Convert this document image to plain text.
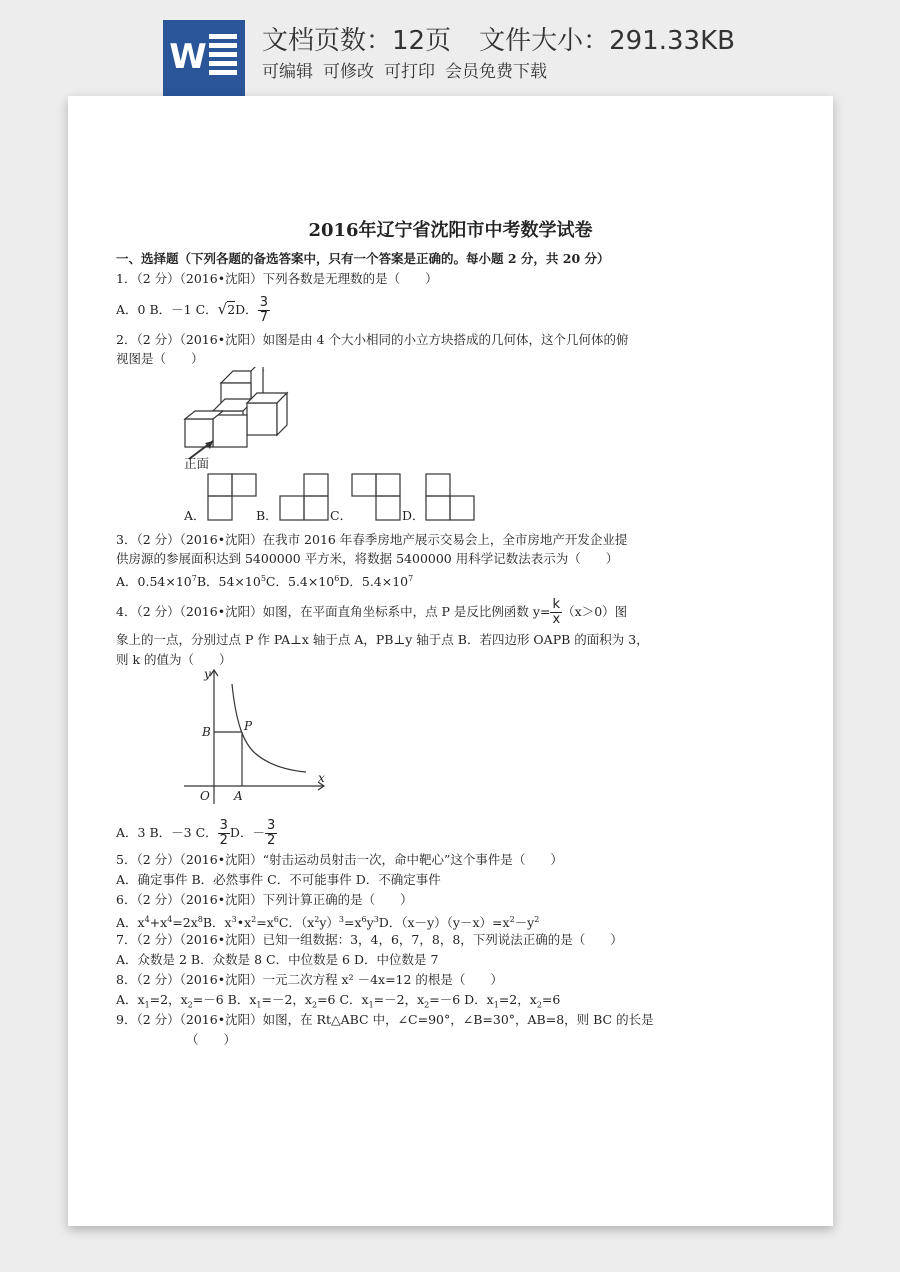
W 文档页数：12页 文件大小：291.33KB
可编辑 可修改 可打印 会员免费下载
2016年辽宁省沈阳市中考数学试卷
一、选择题（下列各题的备选答案中，只有一个答案是正确的。每小题 2 分，共 20 分）
1．（2 分）（2016•沈阳）下列各数是无理数的是（　　）
A．0 B．－1 C．√2D． $\frac{3}{7}$
2．（2 分）（2016•沈阳）如图是由 4 个大小相同的小立方块搭成的几何体，这个几何体的俯
视图是（　　）
正面
A．	B．	C．	D．
3．（2 分）（2016•沈阳）在我市 2016 年春季房地产展示交易会上，全市房地产开发企业提
供房源的参展面积达到 5400000 平方米，将数据 5400000 用科学记数法表示为（　　）
A．$0.54\times 10^7B$．$54\times 10^5C$．$5.4\times 10^6D$．$5.4\times 10^7$
4．（2 分）（2016•沈阳）如图，在平面直角坐标系中，点 P 是反比例函数 $y= \frac{k}{x} (x>0)$图
象上的一点，分别过点 P 作 PA⊥x 轴于点 A，PB⊥y 轴于点 B．若四边形 OAPB 的面积为 3，
则 k 的值为（　　）
y
x
O A
B	P
A．3 B．－3 C． $\frac{3}{2}$ D．－ $\frac{3}{2}$
5．（2 分）（2016•沈阳）“射击运动员射击一次，命中靶心”这个事件是（　　）
A．确定事件 B．必然事件 C．不可能事件 D．不确定事件
6．（2 分）（2016•沈阳）下列计算正确的是（　　）
A．$x^4+x^4=2x^8B$．$x^3•x^2=x^6C$．$(x^2y)^3=x^6y^3D$．$(x-y)(y-x)=x^2-y^2$
7．（2 分）（2016•沈阳）已知一组数据：3，4，6，7，8，8，下列说法正确的是（　　）
A．众数是 2 B．众数是 8 C．中位数是 6 D．中位数是 7
8．（2 分）（2016•沈阳）一元二次方程 x² －4x=12 的根是（　　）
A．$x_1=2$，$x_2=-6$ B．$x_1=-2$，$x_2=6$ C．$x_1=-2$，$x_2=-6$ D．$x_1=2$，$x_2=6$
9．（2 分）（2016•沈阳）如图，在 Rt△ABC 中，∠C=90°，∠B=30°，AB=8，则 BC 的长是
（　　）
